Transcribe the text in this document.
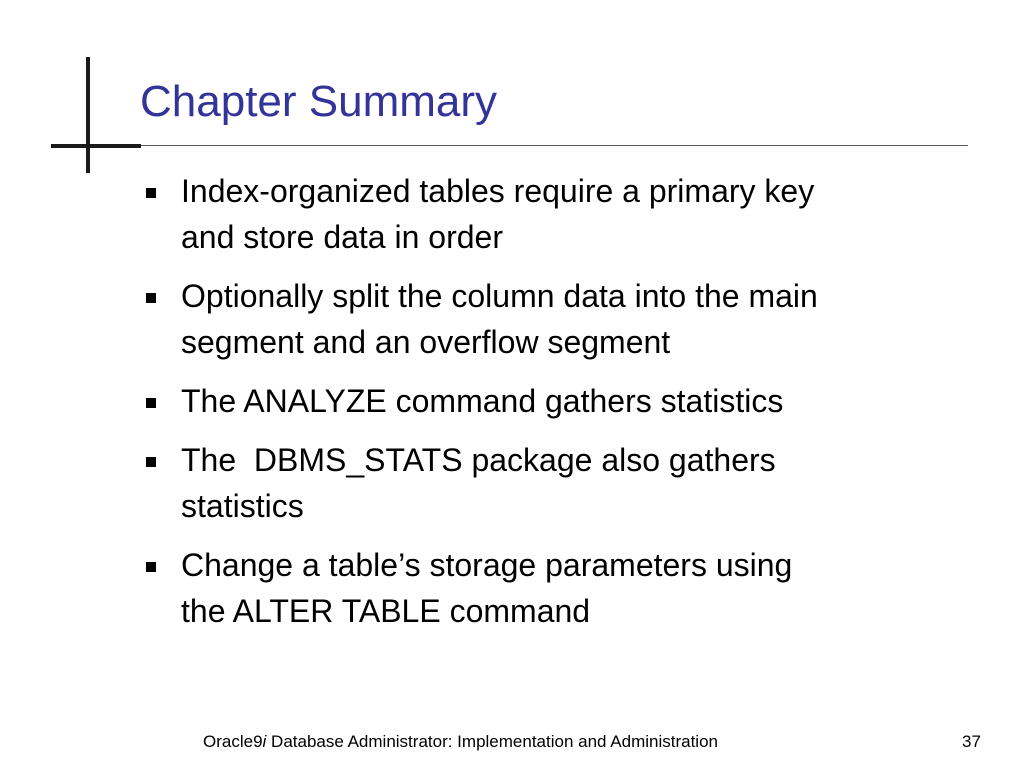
Chapter Summary
Index-organized tables require a primary key
and store data in order
Optionally split the column data into the main
segment and an overflow segment
The ANALYZE command gathers statistics
The  DBMS_STATS package also gathers
statistics
Change a table’s storage parameters using
the ALTER TABLE command
Oracle9i Database Administrator: Implementation and Administration	37
